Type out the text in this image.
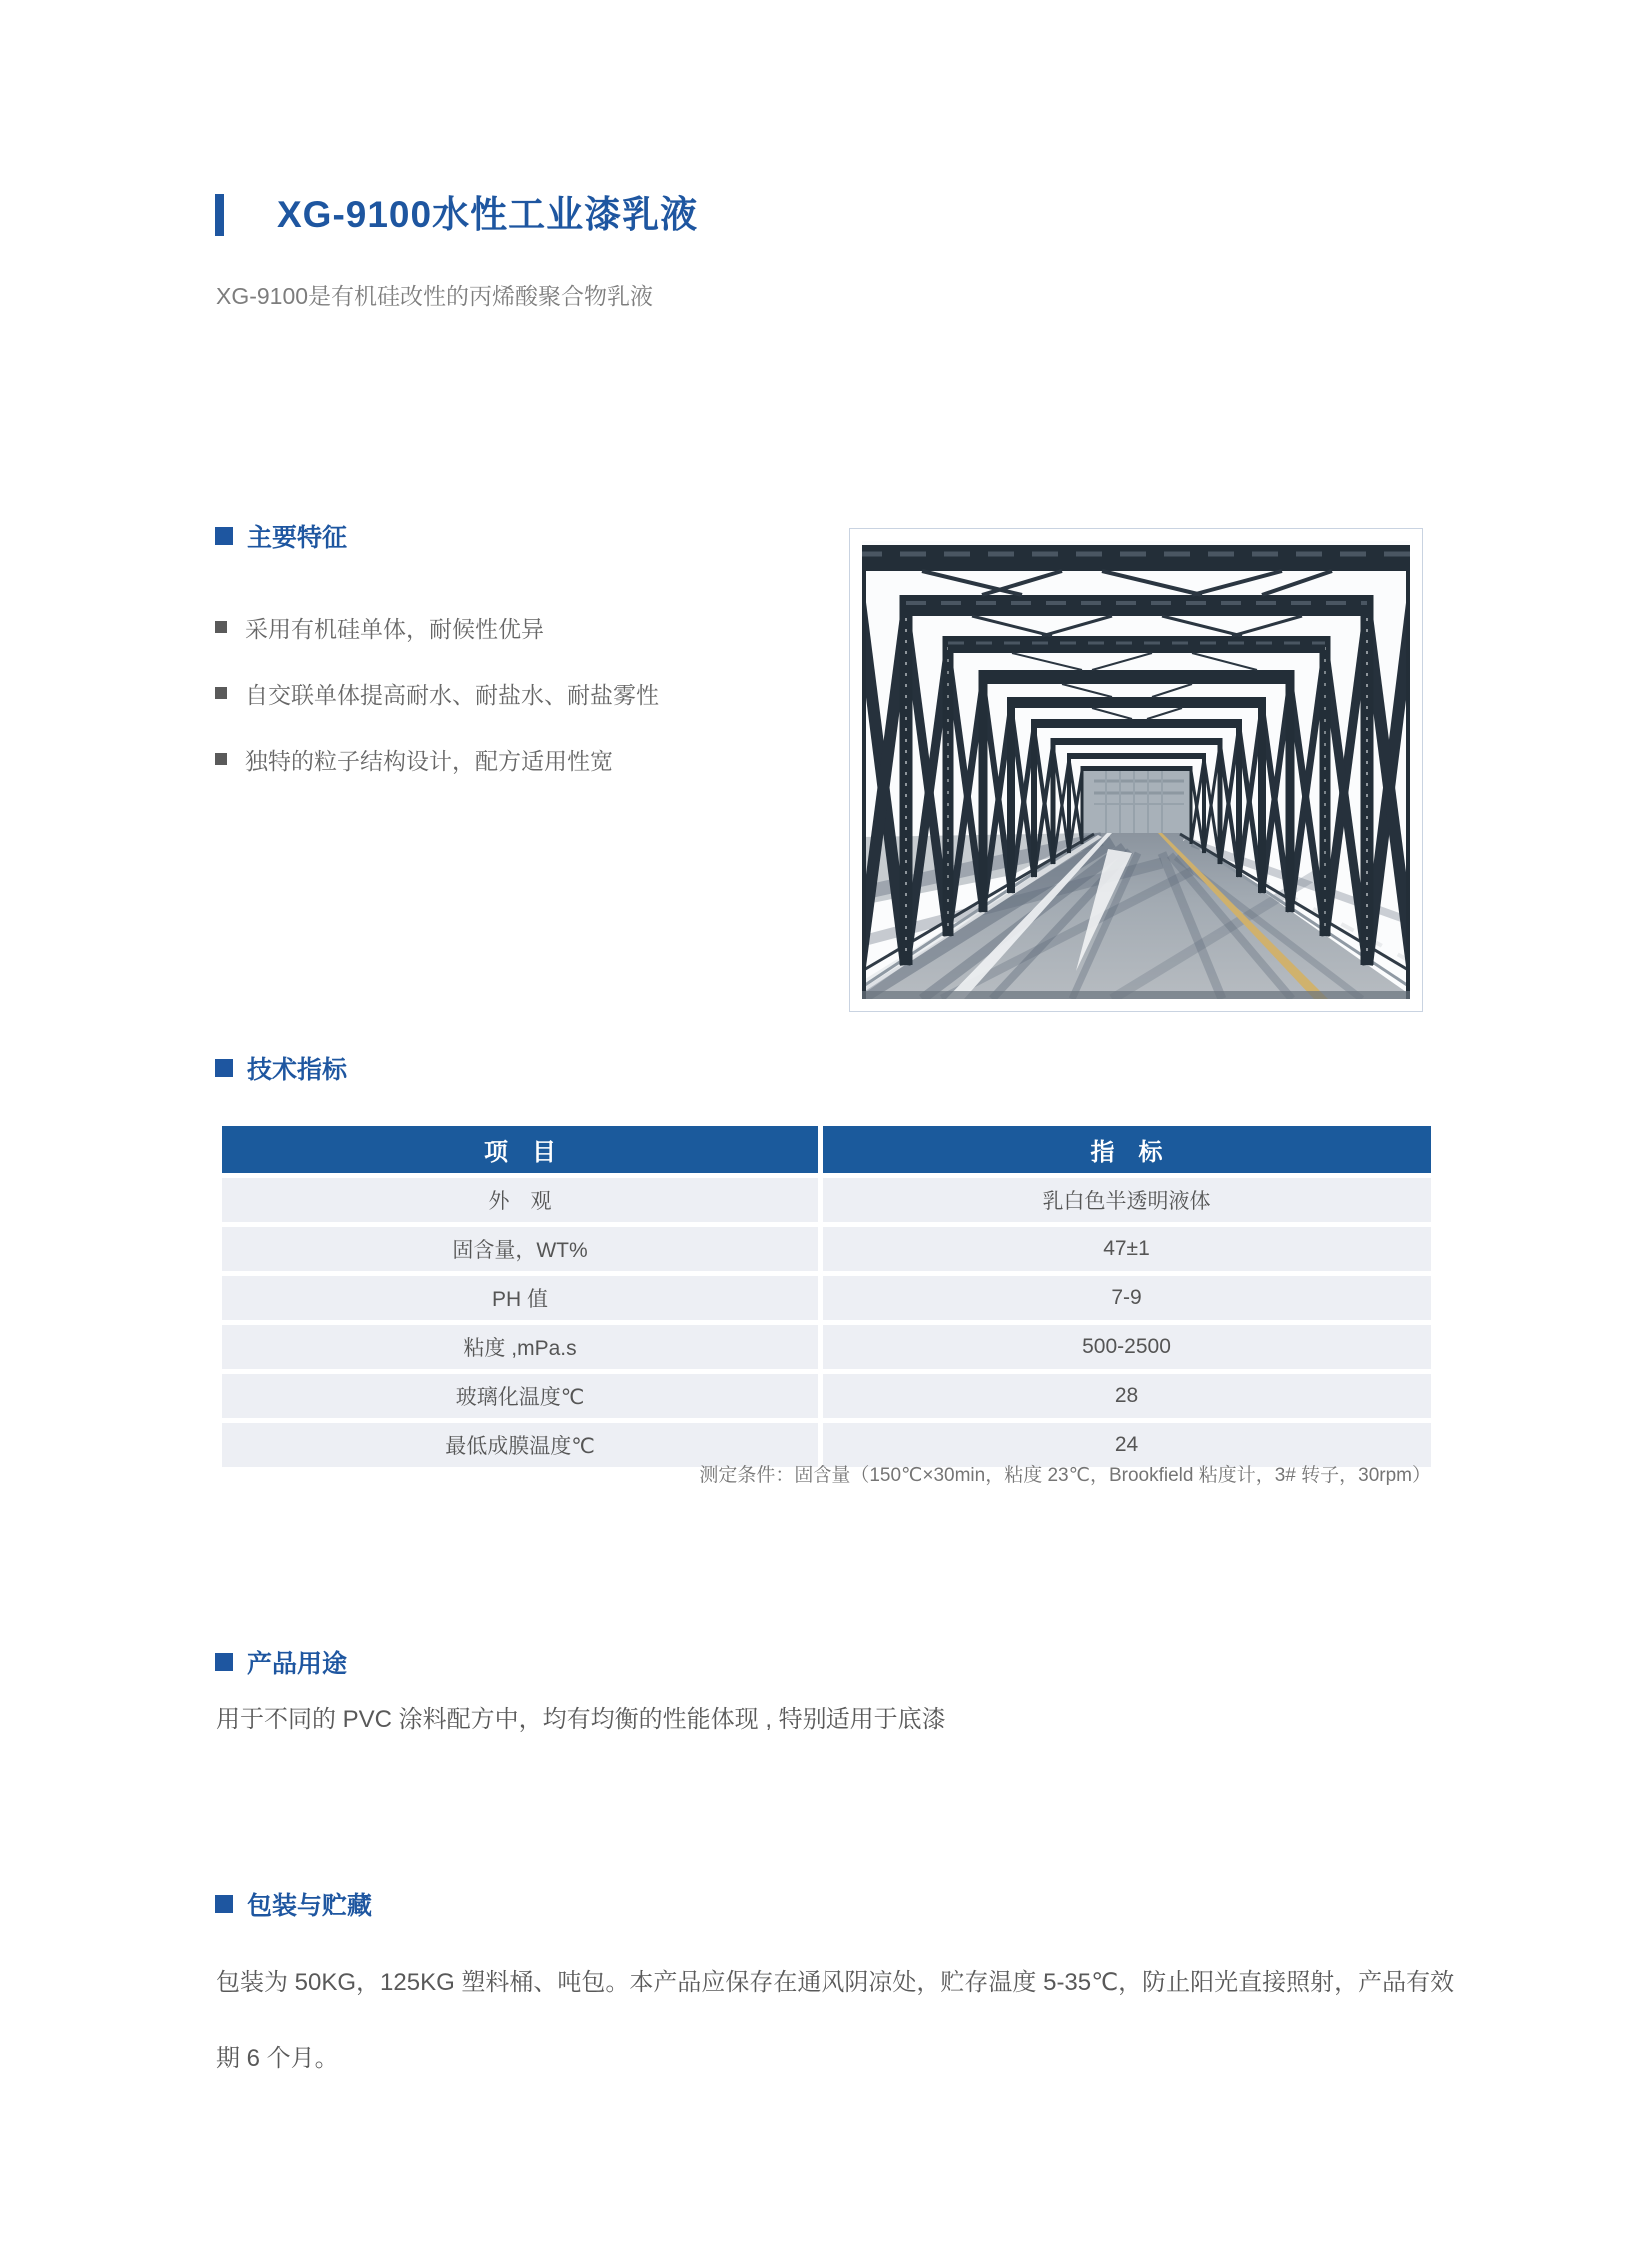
XG-9100水性工业漆乳液
XG-9100是有机硅改性的丙烯酸聚合物乳液
主要特征
采用有机硅单体，耐候性优异
自交联单体提高耐水、耐盐水、耐盐雾性
独特的粒子结构设计，配方适用性宽
技术指标
项　目	指　标
外　观	乳白色半透明液体
固含量，WT%	47±1
PH 值	7-9
粘度 ,mPa.s	500-2500
玻璃化温度℃	28
最低成膜温度℃	24
测定条件：固含量（150℃×30min，粘度 23℃，Brookfield 粘度计，3# 转子，30rpm）
产品用途
用于不同的 PVC 涂料配方中，均有均衡的性能体现 , 特别适用于底漆
包装与贮藏
包装为 50KG，125KG 塑料桶、吨包。本产品应保存在通风阴凉处，贮存温度 5-35℃，防止阳光直接照射，产品有效期 6 个月。
